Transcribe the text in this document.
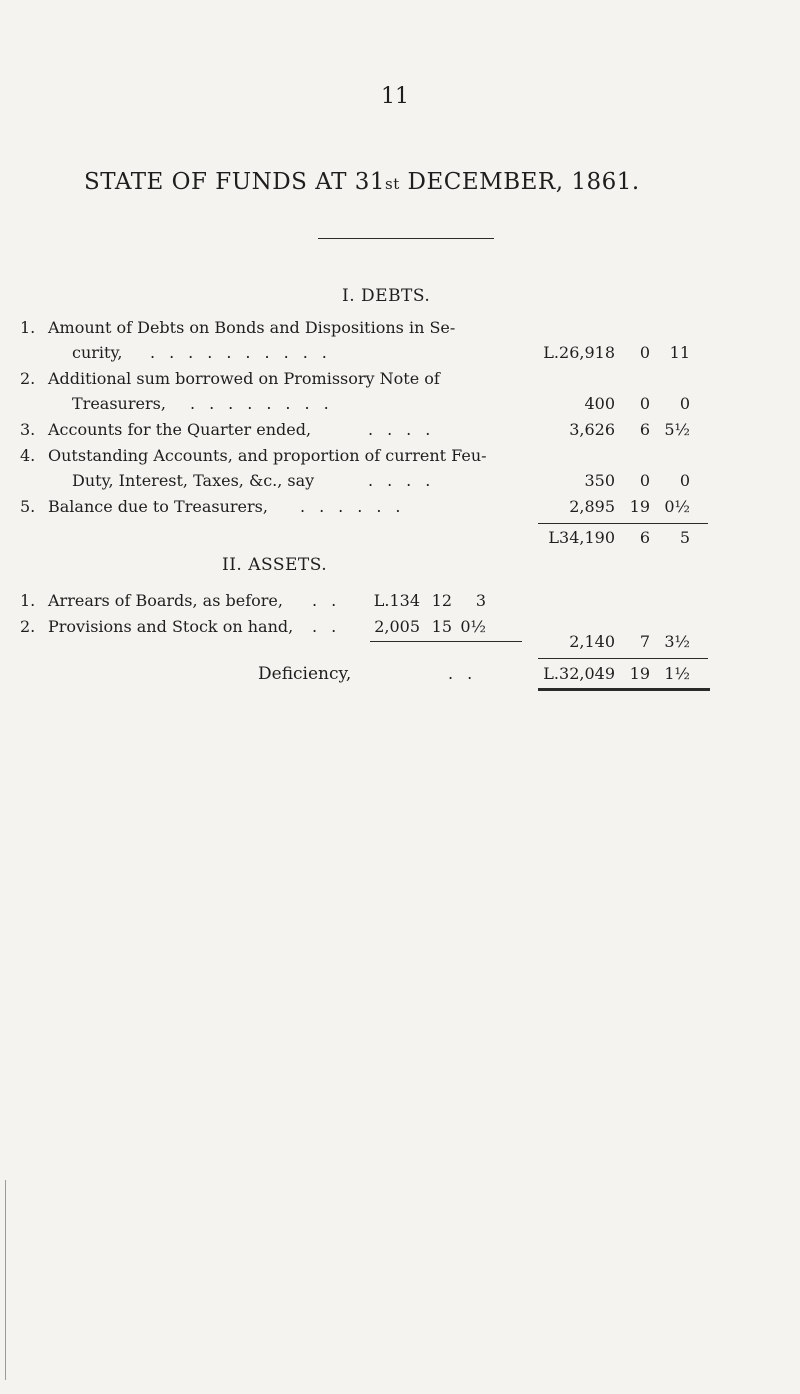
11
STATE OF FUNDS AT 31st DECEMBER, 1861.
I. DEBTS.
1. Amount of Debts on Bonds and Dispositions in Se-
curity, ..........	L.26,918	0	11
2. Additional sum borrowed on Promissory Note of
Treasurers, ........	400	0	0
3. Accounts for the Quarter ended,	....	3,626	6 5½
4. Outstanding Accounts, and proportion of current Feu-
Duty, Interest, Taxes, &c., say	....	350	0	0
5. Balance due to Treasurers, ......	2,895 19 0½
L34,190	6	5
II. ASSETS.
1. Arrears of Boards, as before, ..	L.134 12	3
2. Provisions and Stock on hand, ..	2,005 15 0½
2,140	7 3½
Deficiency,	..	L.32,049 19 1½
